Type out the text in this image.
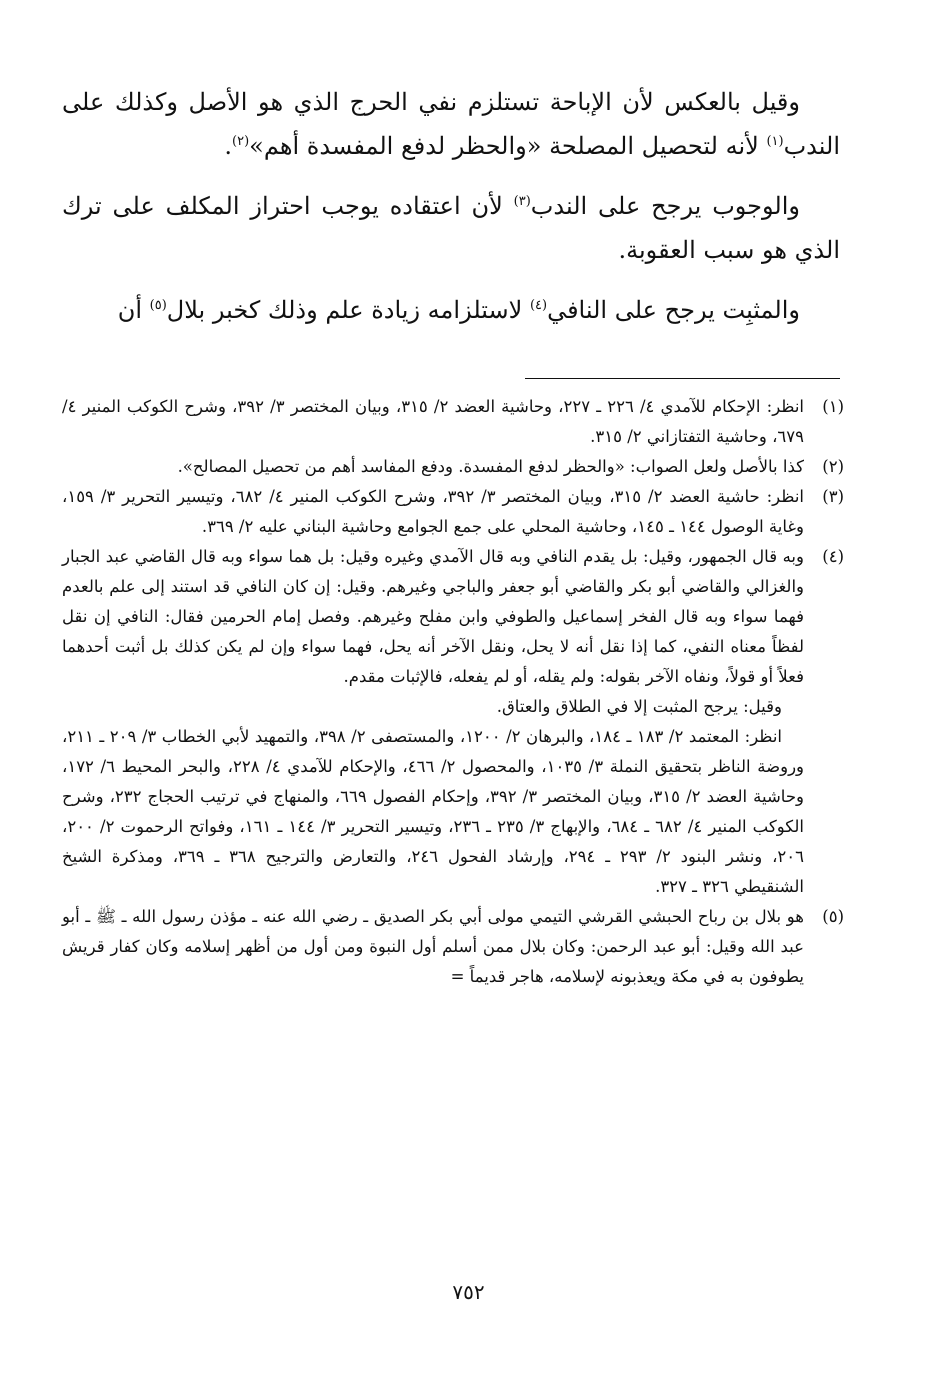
وقيل بالعكس لأن الإباحة تستلزم نفي الحرج الذي هو الأصل وكذلك على الندب$^{(١)}$ لأنه لتحصيل المصلحة «والحظر لدفع المفسدة أهم»$^{(٢)}$.

والوجوب يرجح على الندب$^{(٣)}$ لأن اعتقاده يوجب احتراز المكلف على ترك الذي هو سبب العقوبة.

والمثبِت يرجح على النافي$^{(٤)}$ لاستلزامه زيادة علم وذلك كخبر بلال$^{(٥)}$ أن

(١)

انظر: الإحكام للآمدي ٤/ ٢٢٦ ـ ٢٢٧، وحاشية العضد ٢/ ٣١٥، وبيان المختصر ٣/ ٣٩٢، وشرح الكوكب المنير ٤/ ٦٧٩، وحاشية التفتازاني ٢/ ٣١٥.

(٢)

كذا بالأصل ولعل الصواب: «والحظر لدفع المفسدة. ودفع المفاسد أهم من تحصيل المصالح».

(٣)

انظر: حاشية العضد ٢/ ٣١٥، وبيان المختصر ٣/ ٣٩٢، وشرح الكوكب المنير ٤/ ٦٨٢، وتيسير التحرير ٣/ ١٥٩، وغاية الوصول ١٤٤ ـ ١٤٥، وحاشية المحلي على جمع الجوامع وحاشية البناني عليه ٢/ ٣٦٩.

(٤)

وبه قال الجمهور، وقيل: بل يقدم النافي وبه قال الآمدي وغيره وقيل: بل هما سواء وبه قال القاضي عبد الجبار والغزالي والقاضي أبو بكر والقاضي أبو جعفر والباجي وغيرهم. وقيل: إن كان النافي قد استند إلى علم بالعدم فهما سواء وبه قال الفخر إسماعيل والطوفي وابن مفلح وغيرهم. وفصل إمام الحرمين فقال: النافي إن نقل لفظاً معناه النفي، كما إذا نقل أنه لا يحل، ونقل الآخر أنه يحل، فهما سواء وإن لم يكن كذلك بل أثبت أحدهما فعلاً أو قولاً، ونفاه الآخر بقوله: ولم يقله، أو لم يفعله، فالإثبات مقدم.

وقيل: يرجح المثبت إلا في الطلاق والعتاق.

انظر: المعتمد ٢/ ١٨٣ ـ ١٨٤، والبرهان ٢/ ١٢٠٠، والمستصفى ٢/ ٣٩٨، والتمهيد لأبي الخطاب ٣/ ٢٠٩ ـ ٢١١، وروضة الناظر بتحقيق النملة ٣/ ١٠٣٥، والمحصول ٢/ ٤٦٦، والإحكام للآمدي ٤/ ٢٢٨، والبحر المحيط ٦/ ١٧٢، وحاشية العضد ٢/ ٣١٥، وبيان المختصر ٣/ ٣٩٢، وإحكام الفصول ٦٦٩، والمنهاج في ترتيب الحجاج ٢٣٢، وشرح الكوكب المنير ٤/ ٦٨٢ ـ ٦٨٤، والإبهاج ٣/ ٢٣٥ ـ ٢٣٦، وتيسير التحرير ٣/ ١٤٤ ـ ١٦١، وفواتح الرحموت ٢/ ٢٠٠، ٢٠٦، ونشر البنود ٢/ ٢٩٣ ـ ٢٩٤، وإرشاد الفحول ٢٤٦، والتعارض والترجيح ٣٦٨ ـ ٣٦٩، ومذكرة الشيخ الشنقيطي ٣٢٦ ـ ٣٢٧.

(٥)

هو بلال بن رباح الحبشي القرشي التيمي مولى أبي بكر الصديق ـ رضي الله عنه ـ مؤذن رسول الله ـ ﷺ ـ أبو عبد الله وقيل: أبو عبد الرحمن: وكان بلال ممن أسلم أول النبوة ومن أول من أظهر إسلامه وكان كفار قريش يطوفون به في مكة ويعذبونه لإسلامه، هاجر قديماً =

٧٥٢
